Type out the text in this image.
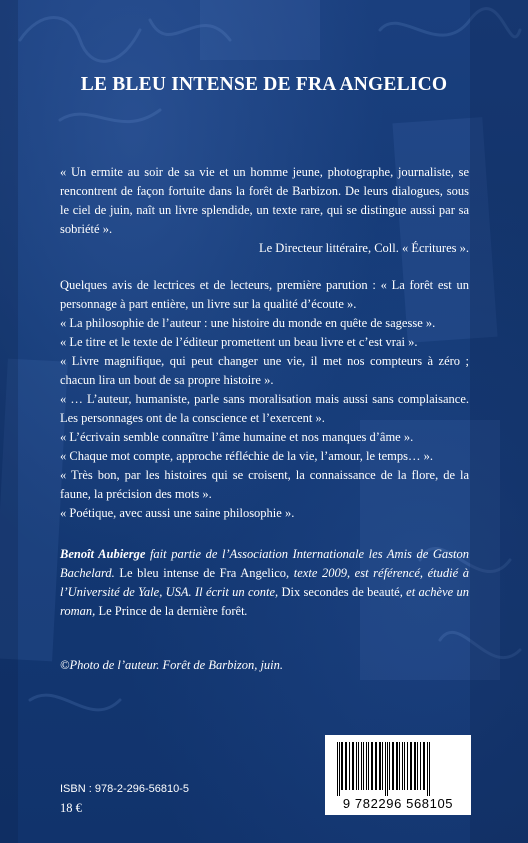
LE BLEU INTENSE DE FRA ANGELICO

« Un ermite au soir de sa vie et un homme jeune, photographe, journaliste, se rencontrent de façon fortuite dans la forêt de Barbizon. De leurs dialogues, sous le ciel de juin, naît un livre splendide, un texte rare, qui se distingue aussi par sa sobriété ».

Le Directeur littéraire, Coll. « Écritures ».

Quelques avis de lectrices et de lecteurs, première parution : « La forêt est un personnage à part entière, un livre sur la qualité d’écoute ».

« La philosophie de l’auteur : une histoire du monde en quête de sagesse ».

« Le titre et le texte de l’éditeur promettent un beau livre et c’est vrai ».

« Livre magnifique, qui peut changer une vie, il met nos compteurs à zéro ; chacun lira un bout de sa propre histoire ».

« … L’auteur, humaniste, parle sans moralisation mais aussi sans complaisance. Les personnages ont de la conscience et l’exercent ».

« L’écrivain semble connaître l’âme humaine et nos manques d’âme ».

« Chaque mot compte, approche réfléchie de la vie, l’amour, le temps… ».

« Très bon, par les histoires qui se croisent, la connaissance de la flore, de la faune, la précision des mots ».

« Poétique, avec aussi une saine philosophie ».

Benoît Aubierge fait partie de l’Association Internationale les Amis de Gaston Bachelard. Le bleu intense de Fra Angelico, texte 2009, est référencé, étudié à l’Université de Yale, USA. Il écrit un conte, Dix secondes de beauté, et achève un roman, Le Prince de la dernière forêt.

©Photo de l’auteur. Forêt de Barbizon, juin.
ISBN : 978-2-296-56810-5
18 €	9 782296 568105
